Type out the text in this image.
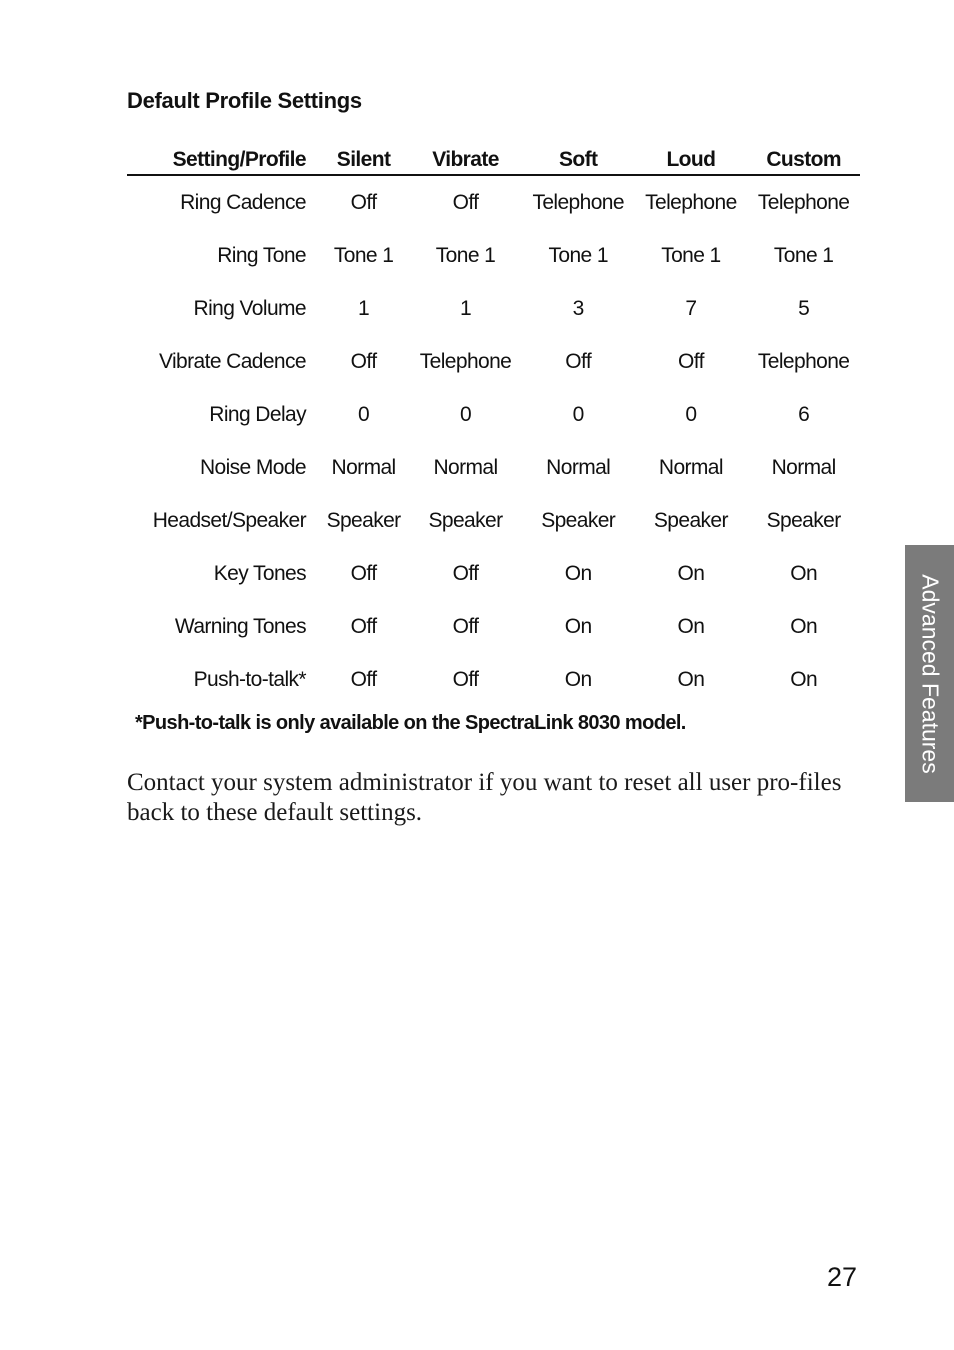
Default Profile Settings
Setting/Profile	Silent	Vibrate	Soft	Loud	Custom
Ring Cadence	Off	Off	Telephone	Telephone	Telephone
Ring Tone	Tone 1	Tone 1	Tone 1	Tone 1	Tone 1
Ring Volume	1	1	3	7	5
Vibrate Cadence	Off	Telephone	Off	Off	Telephone
Ring Delay	0	0	0	0	6
Noise Mode	Normal	Normal	Normal	Normal	Normal
Headset/Speaker	Speaker	Speaker	Speaker	Speaker	Speaker
Key Tones	Off	Off	On	On	On
Warning Tones	Off	Off	On	On	On
Push-to-talk*	Off	Off	On	On	On
*Push-to-talk is only available on the SpectraLink 8030 model.
Contact your system administrator if you want to reset all user pro-files back to these default settings.
Advanced Features
27
